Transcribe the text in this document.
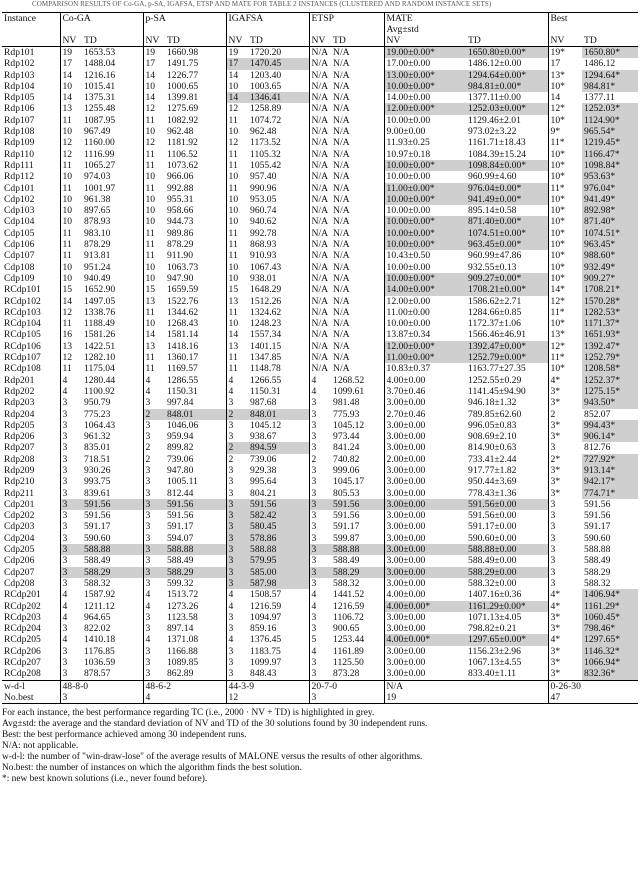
COMPARISON RESULTS OF Co-GA, p-SA, IGAFSA, ETSP AND MATE FOR TABLE 2 INSTANCES (CLUSTERED AND RANDOM INSTANCE SETS)
Instance	Co-GA		p-SA		IGAFSA		ETSP		MATE		Best	
									Avg±std			
	NV	TD	NV	TD	NV	TD	NV	TD	NV	TD	NV	TD
Rdp101	19	1653.53	19	1660.98	19	1720.20	N/A	N/A	19.00±0.00*	1650.80±0.00*	19*	1650.80*
Rdp102	17	1488.04	17	1491.75	17	1470.45	N/A	N/A	17.00±0.00	1486.12±0.00	17	1486.12
Rdp103	14	1216.16	14	1226.77	14	1203.40	N/A	N/A	13.00±0.00*	1294.64±0.00*	13*	1294.64*
Rdp104	10	1015.41	10	1000.65	10	1003.65	N/A	N/A	10.00±0.00*	984.81±0.00*	10*	984.81*
Rdp105	14	1375.31	14	1399.81	14	1346.41	N/A	N/A	14.00±0.00	1377.11±0.00	14	1377.11
Rdp106	13	1255.48	12	1275.69	12	1258.89	N/A	N/A	12.00±0.00*	1252.03±0.00*	12*	1252.03*
Rdp107	11	1087.95	11	1082.92	11	1074.72	N/A	N/A	10.00±0.00	1129.46±2.01	10*	1124.90*
Rdp108	10	967.49	10	962.48	10	962.48	N/A	N/A	9.00±0.00	973.02±3.22	9*	965.54*
Rdp109	12	1160.00	12	1181.92	12	1173.52	N/A	N/A	11.93±0.25	1161.71±18.43	11*	1219.45*
Rdp110	12	1116.99	11	1106.52	11	1105.32	N/A	N/A	10.97±0.18	1084.39±15.24	10*	1166.47*
Rdp111	11	1065.27	11	1073.62	11	1055.42	N/A	N/A	10.00±0.00*	1098.84±0.00*	10*	1098.84*
Rdp112	10	974.03	10	966.06	10	957.40	N/A	N/A	10.00±0.00	960.99±4.60	10*	953.63*
Cdp101	11	1001.97	11	992.88	11	990.96	N/A	N/A	11.00±0.00*	976.04±0.00*	11*	976.04*
Cdp102	10	961.38	10	955.31	10	953.05	N/A	N/A	10.00±0.00*	941.49±0.00*	10*	941.49*
Cdp103	10	897.65	10	958.66	10	960.74	N/A	N/A	10.00±0.00	895.14±0.58	10*	892.98*
Cdp104	10	878.93	10	944.73	10	940.62	N/A	N/A	10.00±0.00*	871.40±0.00*	10*	871.40*
Cdp105	11	983.10	11	989.86	11	992.78	N/A	N/A	10.00±0.00*	1074.51±0.00*	10*	1074.51*
Cdp106	11	878.29	11	878.29	11	868.93	N/A	N/A	10.00±0.00*	963.45±0.00*	10*	963.45*
Cdp107	11	913.81	11	911.90	11	910.93	N/A	N/A	10.43±0.50	960.99±47.86	10*	988.60*
Cdp108	10	951.24	10	1063.73	10	1067.43	N/A	N/A	10.00±0.00	932.55±0.13	10*	932.49*
Cdp109	10	940.49	10	947.90	10	938.01	N/A	N/A	10.00±0.00*	909.27±0.00*	10*	909.27*
RCdp101	15	1652.90	15	1659.59	15	1648.29	N/A	N/A	14.00±0.00*	1708.21±0.00*	14*	1708.21*
RCdp102	14	1497.05	13	1522.76	13	1512.26	N/A	N/A	12.00±0.00	1586.62±2.71	12*	1570.28*
RCdp103	12	1338.76	11	1344.62	11	1324.62	N/A	N/A	11.00±0.00	1284.66±0.85	11*	1282.53*
RCdp104	11	1188.49	10	1268.43	10	1248.23	N/A	N/A	10.00±0.00	1172.37±1.06	10*	1171.37*
RCdp105	16	1581.26	14	1581.14	14	1557.34	N/A	N/A	13.87±0.34	1566.46±46.91	13*	1651.93*
RCdp106	13	1422.51	13	1418.16	13	1401.15	N/A	N/A	12.00±0.00*	1392.47±0.00*	12*	1392.47*
RCdp107	12	1282.10	11	1360.17	11	1347.85	N/A	N/A	11.00±0.00*	1252.79±0.00*	11*	1252.79*
RCdp108	11	1175.04	11	1169.57	11	1148.78	N/A	N/A	10.83±0.37	1163.77±27.35	10*	1208.58*
Rdp201	4	1280.44	4	1286.55	4	1266.55	4	1268.52	4.00±0.00	1252.55±0.29	4*	1252.37*
Rdp202	4	1100.92	4	1150.31	4	1150.31	4	1099.61	3.70±0.46	1141.45±94.90	3*	1275.15*
Rdp203	3	950.79	3	997.84	3	987.68	3	981.48	3.00±0.00	946.18±1.32	3*	943.50*
Rdp204	3	775.23	2	848.01	2	848.01	3	775.93	2.70±0.46	789.85±62.60	2	852.07
Rdp205	3	1064.43	3	1046.06	3	1045.12	3	1045.12	3.00±0.00	996.05±0.83	3*	994.43*
Rdp206	3	961.32	3	959.94	3	938.67	3	973.44	3.00±0.00	908.69±2.10	3*	906.14*
Rdp207	3	835.01	2	899.82	2	894.59	3	841.24	3.00±0.00	814.90±0.63	3	812.76
Rdp208	3	718.51	2	739.06	2	739.06	2	740.82	2.00±0.00	733.41±2.44	2*	727.92*
Rdp209	3	930.26	3	947.80	3	929.38	3	999.06	3.00±0.00	917.77±1.82	3*	913.14*
Rdp210	3	993.75	3	1005.11	3	995.64	3	1045.17	3.00±0.00	950.44±3.69	3*	942.17*
Rdp211	3	839.61	3	812.44	3	804.21	3	805.53	3.00±0.00	778.43±1.36	3*	774.71*
Cdp201	3	591.56	3	591.56	3	591.56	3	591.56	3.00±0.00	591.56±0.00	3	591.56
Cdp202	3	591.56	3	591.56	3	582.42	3	591.56	3.00±0.00	591.56±0.00	3	591.56
Cdp203	3	591.17	3	591.17	3	580.45	3	591.17	3.00±0.00	591.17±0.00	3	591.17
Cdp204	3	590.60	3	594.07	3	578.86	3	599.87	3.00±0.00	590.60±0.00	3	590.60
Cdp205	3	588.88	3	588.88	3	588.88	3	588.88	3.00±0.00	588.88±0.00	3	588.88
Cdp206	3	588.49	3	588.49	3	579.95	3	588.49	3.00±0.00	588.49±0.00	3	588.49
Cdp207	3	588.29	3	588.29	3	585.00	3	588.29	3.00±0.00	588.29±0.00	3	588.29
Cdp208	3	588.32	3	599.32	3	587.98	3	588.32	3.00±0.00	588.32±0.00	3	588.32
RCdp201	4	1587.92	4	1513.72	4	1508.57	4	1441.52	4.00±0.00	1407.16±0.36	4*	1406.94*
RCdp202	4	1211.12	4	1273.26	4	1216.59	4	1216.59	4.00±0.00*	1161.29±0.00*	4*	1161.29*
RCdp203	4	964.65	3	1123.58	3	1094.97	3	1106.72	3.00±0.00	1071.13±4.05	3*	1060.45*
RCdp204	3	822.02	3	897.14	3	859.16	3	900.65	3.00±0.00	798.82±0.21	3*	798.46*
RCdp205	4	1410.18	4	1371.08	4	1376.45	5	1253.44	4.00±0.00*	1297.65±0.00*	4*	1297.65*
RCdp206	3	1176.85	3	1166.88	3	1183.75	4	1161.89	3.00±0.00	1156.23±2.96	3*	1146.32*
RCdp207	3	1036.59	3	1089.85	3	1099.97	3	1125.50	3.00±0.00	1067.13±4.55	3*	1066.94*
RCdp208	3	878.57	3	862.89	3	848.43	3	873.28	3.00±0.00	833.40±1.11	3*	832.36*
w-d-l	48-8-0		48-6-2		44-3-9		20-7-0		N/A		0-26-30	
No.best	3		4		12		3		19		47	
For each instance, the best performance regarding TC (i.e., 2000 · NV + TD) is highlighted in grey.
Avg±std: the average and the standard deviation of NV and TD of the 30 solutions found by 30 independent runs.
Best: the best performance achieved among 30 independent runs.
N/A: not applicable.
w-d-l: the number of "win-draw-lose" of the average results of MALONE versus the results of other algorithms.
No.best: the number of instances on which the algorithm finds the best solution.
*: new best known solutions (i.e., never found before).
